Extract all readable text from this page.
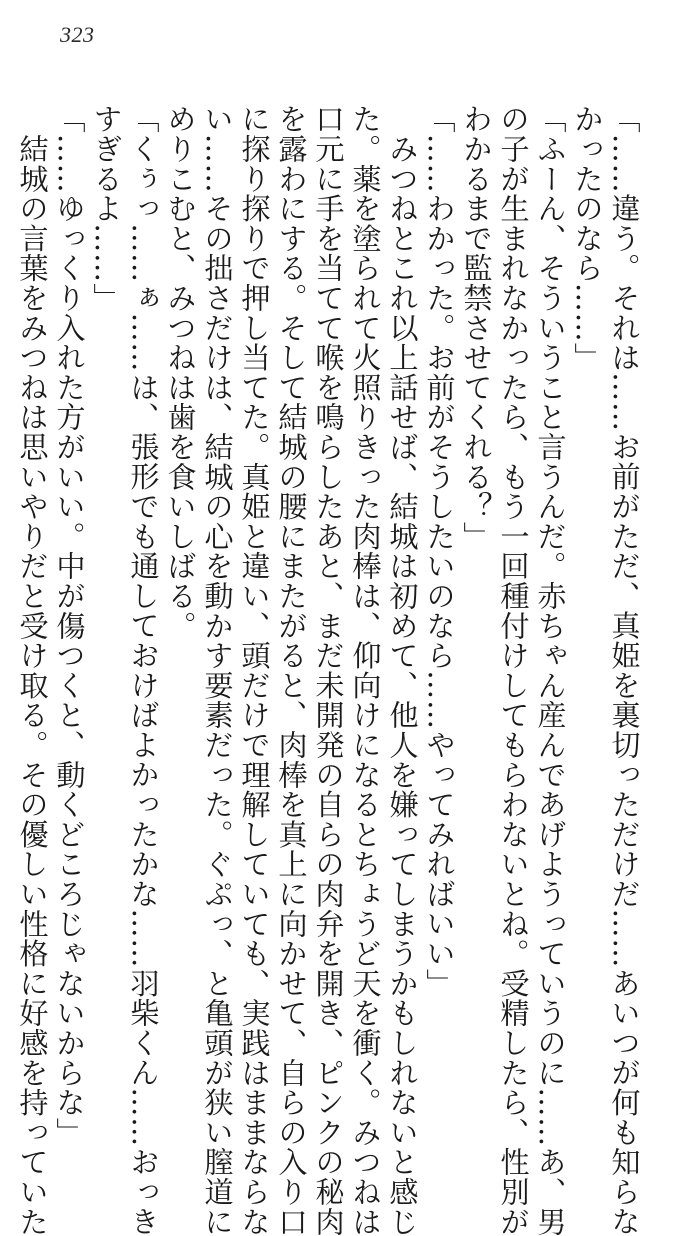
323
「……違う。それは……お前がただ、真姫を裏切っただけだ……あいつが何も知らな
かったのなら……」
「ふーん、そういうこと言うんだ。赤ちゃん産んであげようっていうのに……あ、男
の子が生まれなかったら、もう一回種付けしてもらわないとね。受精したら、性別が
わかるまで監禁させてくれる？」
「……わかった。お前がそうしたいのなら……やってみればいい」
　みつねとこれ以上話せば、結城は初めて、他人を嫌ってしまうかもしれないと感じ
た。薬を塗られて火照りきった肉棒は、仰向けになるとちょうど天を衝く。みつねは
口元に手を当てて喉を鳴らしたあと、まだ未開発の自らの肉弁を開き、ピンクの秘肉
を露わにする。そして結城の腰にまたがると、肉棒を真上に向かせて、自らの入り口
に探り探りで押し当てた。真姫と違い、頭だけで理解していても、実践はままならな
い……その拙さだけは、結城の心を動かす要素だった。ぐぷっ、と亀頭が狭い膣道に
めりこむと、みつねは歯を食いしばる。
「くぅっ……ぁ……は、張形でも通しておけばよかったかな……羽柴くん……おっき
すぎるよ……」
「……ゆっくり入れた方がいい。中が傷つくと、動くどころじゃないからな」
　結城の言葉をみつねは思いやりだと受け取る。その優しい性格に好感を持っていた
